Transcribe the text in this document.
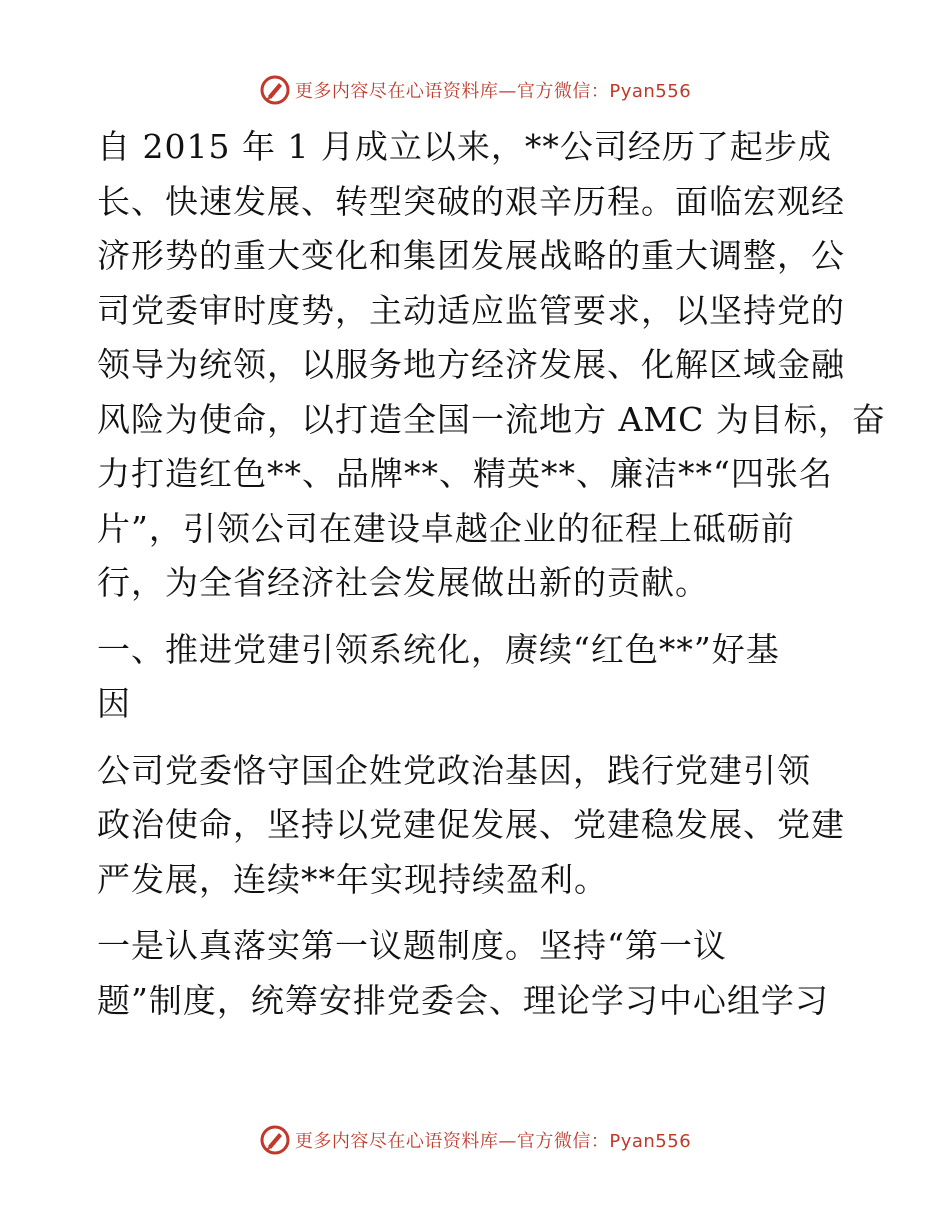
更多内容尽在心语资料库—官方微信：Pyan556

自 2015 年 1 月成立以来，**公司经历了起步成
长、快速发展、转型突破的艰辛历程。面临宏观经
济形势的重大变化和集团发展战略的重大调整，公
司党委审时度势，主动适应监管要求，以坚持党的
领导为统领，以服务地方经济发展、化解区域金融
风险为使命，以打造全国一流地方 AMC 为目标，奋
力打造红色**、品牌**、精英**、廉洁**“四张名
片”，引领公司在建设卓越企业的征程上砥砺前
行，为全省经济社会发展做出新的贡献。

一、推进党建引领系统化，赓续“红色**”好基
因

公司党委恪守国企姓党政治基因，践行党建引领
政治使命，坚持以党建促发展、党建稳发展、党建
严发展，连续**年实现持续盈利。

一是认真落实第一议题制度。坚持“第一议
题”制度，统筹安排党委会、理论学习中心组学习

更多内容尽在心语资料库—官方微信：Pyan556
